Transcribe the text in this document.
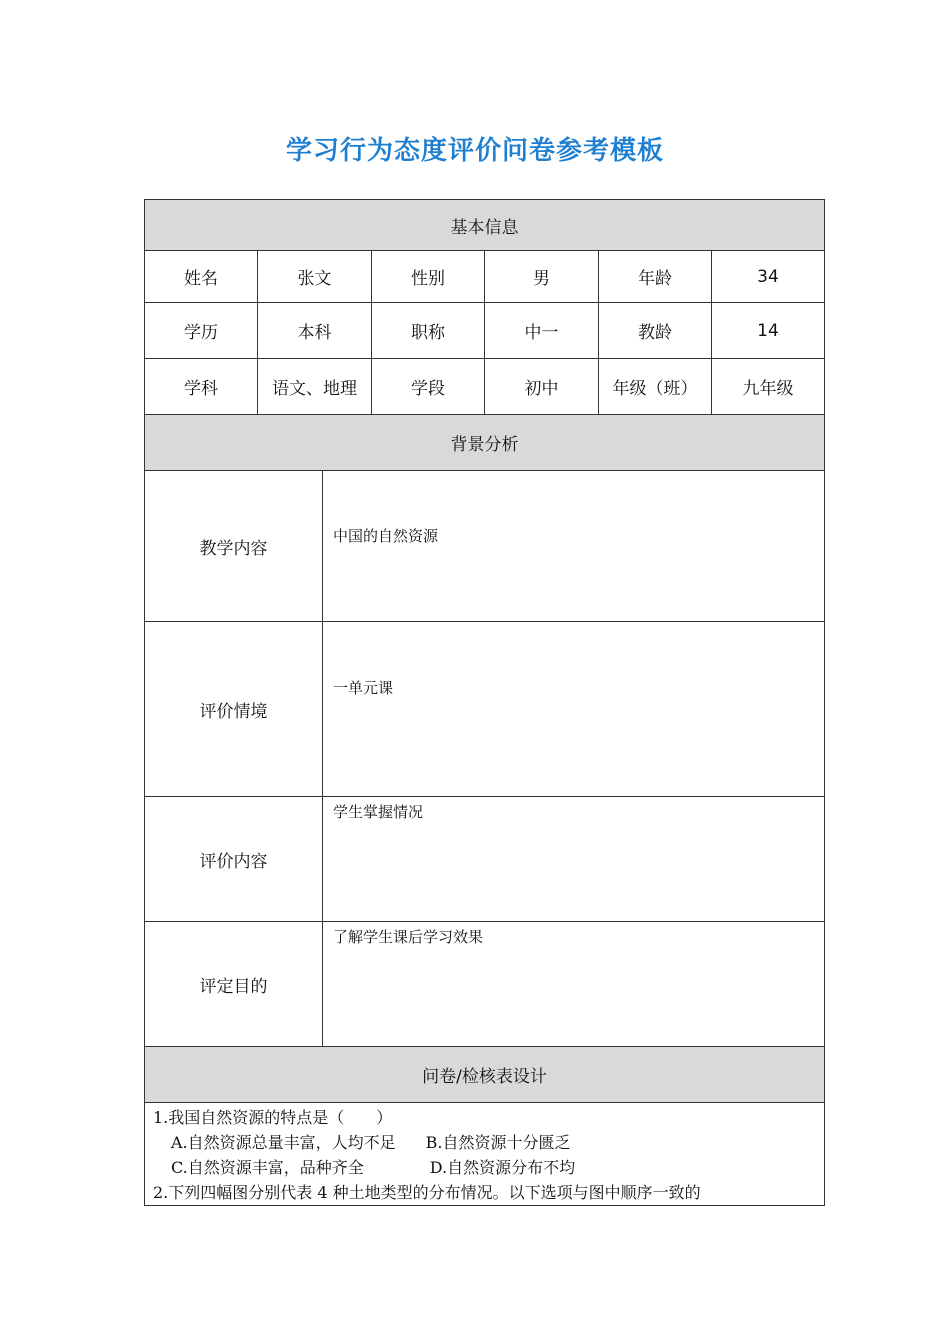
学习行为态度评价问卷参考模板
基本信息					
姓名	张文	性别	男	年龄	34
学历	本科	职称	中一	教龄	14
学科	语文、地理	学段	初中	年级（班）	九年级
背景分析	
教学内容	中国的自然资源
评价情境	一单元课
评价内容	学生掌握情况
评定目的	了解学生课后学习效果
问卷/检核表设计	

1.我国自然资源的特点是（　　）
A.自然资源总量丰富，人均不足 B.自然资源十分匮乏
C.自然资源丰富，品种齐全 D.自然资源分布不均
2.下列四幅图分别代表 4 种土地类型的分布情况。以下选项与图中顺序一致的	
